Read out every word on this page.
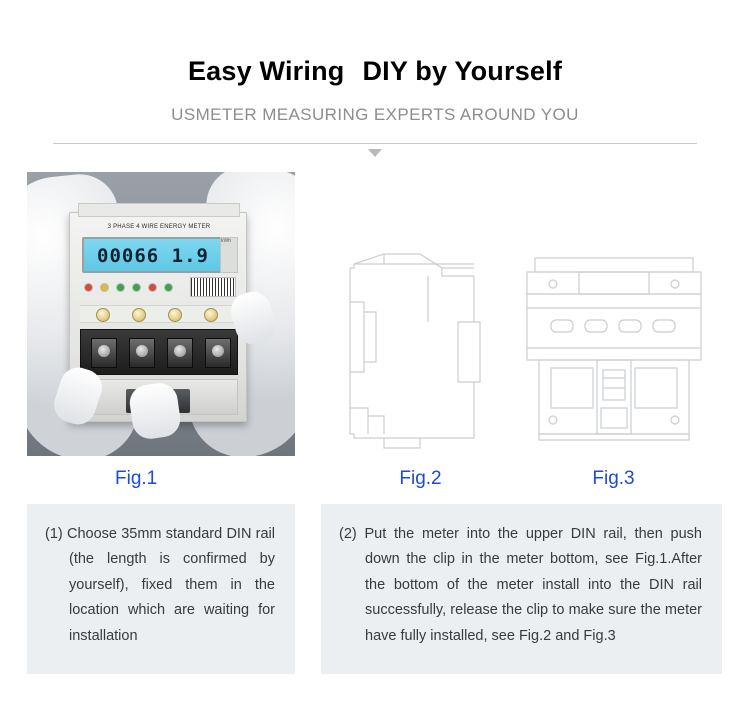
Easy Wiring DIY by Yourself
USMETER MEASURING EXPERTS AROUND YOU
3 PHASE 4 WIRE ENERGY METER
00066 1.9
kWh
Fig.1	Fig.2	Fig.3

(1) Choose 35mm standard DIN rail (the length is confirmed by yourself), fixed them in the location which are waiting for installation

(2) Put the meter into the upper DIN rail, then push down the clip in the meter bottom, see Fig.1.After the bottom of the meter install into the DIN rail successfully, release the clip to make sure the meter have fully installed, see Fig.2 and Fig.3
